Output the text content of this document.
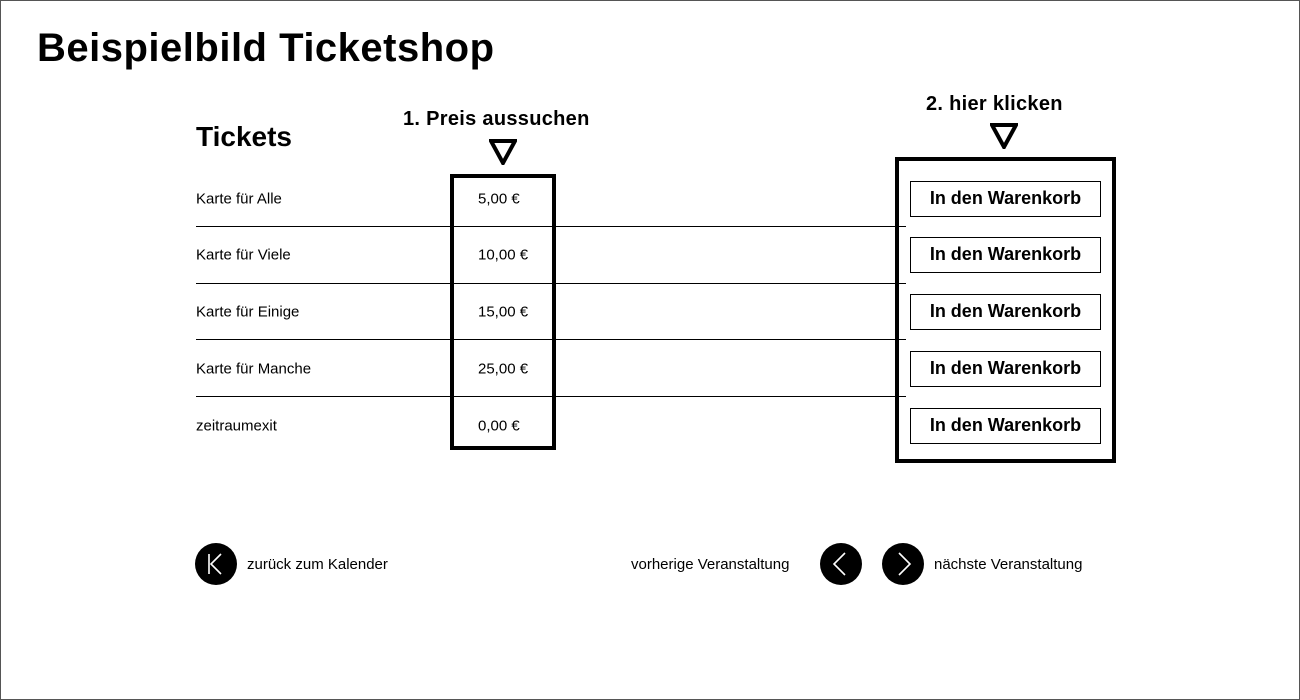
Beispielbild Ticketshop
1. Preis aussuchen
2. hier klicken
Tickets
Karte für Alle	5,00 €	In den Warenkorb
Karte für Viele	10,00 €	In den Warenkorb
Karte für Einige	15,00 €	In den Warenkorb
Karte für Manche	25,00 €	In den Warenkorb
zeitraumexit	0,00 €	In den Warenkorb
zurück zum Kalender	vorherige Veranstaltung	nächste Veranstaltung
